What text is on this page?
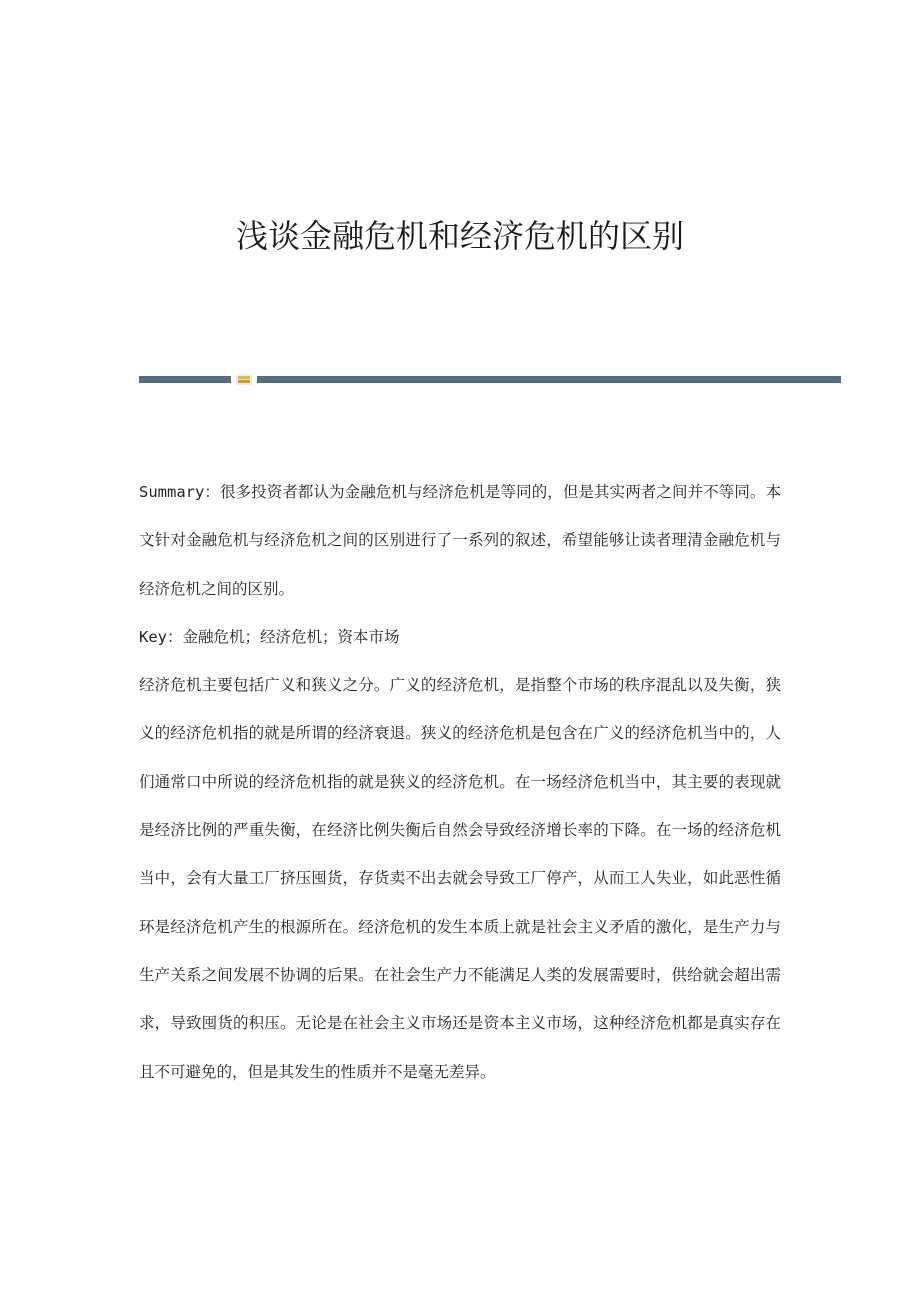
浅谈金融危机和经济危机的区别

Summary：很多投资者都认为金融危机与经济危机是等同的，但是其实两者之间并不等同。本文针对金融危机与经济危机之间的区别进行了一系列的叙述，希望能够让读者理清金融危机与经济危机之间的区别。

Key：金融危机；经济危机；资本市场

经济危机主要包括广义和狭义之分。广义的经济危机，是指整个市场的秩序混乱以及失衡，狭义的经济危机指的就是所谓的经济衰退。狭义的经济危机是包含在广义的经济危机当中的，人们通常口中所说的经济危机指的就是狭义的经济危机。在一场经济危机当中，其主要的表现就是经济比例的严重失衡，在经济比例失衡后自然会导致经济增长率的下降。在一场的经济危机当中，会有大量工厂挤压囤货，存货卖不出去就会导致工厂停产，从而工人失业，如此恶性循环是经济危机产生的根源所在。经济危机的发生本质上就是社会主义矛盾的激化，是生产力与生产关系之间发展不协调的后果。在社会生产力不能满足人类的发展需要时，供给就会超出需求，导致囤货的积压。无论是在社会主义市场还是资本主义市场，这种经济危机都是真实存在且不可避免的，但是其发生的性质并不是毫无差异。
